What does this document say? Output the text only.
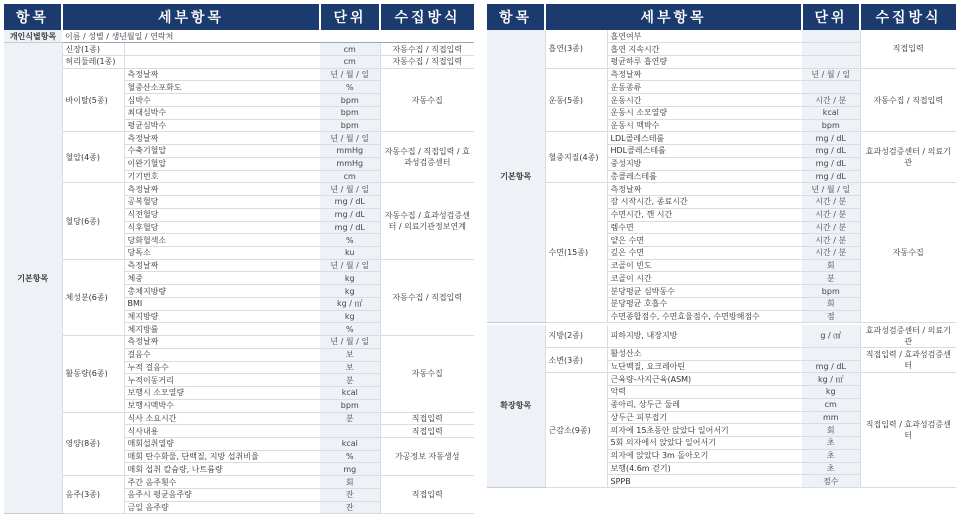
항목	세부항목		단위	수집방식
개인식별항목	이름 / 성별 / 생년월일 / 연락처			
기본항목	신장(1종)		cm	자동수집 / 직접입력
	허리둘레(1종)		cm	자동수집 / 직접입력
	바이탈(5종)	측정날짜	년 / 월 / 일	자동수집
		혈중산소포화도	%	
		심박수	bpm	
		최대심박수	bpm	
		평균심박수	bpm	
	혈압(4종)	측정날짜	년 / 월 / 일	자동수집 / 직접입력 / 효과성검증센터
		수축기혈압	mmHg	
		이완기혈압	mmHg	
		기기번호	cm	
	혈당(6종)	측정날짜	년 / 월 / 일	자동수집 / 효과성검증센터 / 의료기관정보연계
		공복혈당	mg / dL	
		식전혈당	mg / dL	
		식후혈당	mg / dL	
		당화혈색소	%	
		당독소	ku	
	체성분(6종)	측정날짜	년 / 월 / 일	자동수집 / 직접입력
		체중	kg	
		총체지방량	kg	
		BMI	kg / ㎡	
		체지방량	kg	
		체지방률	%	
	활동량(6종)	측정날짜	년 / 월 / 일	자동수집
		걸음수	보	
		누적 걸음수	보	
		누적이동거리	분	
		보행시 소모열량	kcal	
		보행시맥박수	bpm	
	영양(8종)	식사 소요시간	분	직접입력
		식사내용		직접입력
		매회섭취열량	kcal	가공정보 자동생성
		매회 탄수화물, 단백질, 지방 섭취비율	%	
		매회 섭취 칼슘량, 나트륨량	mg	
	음주(3종)	주간 음주횟수	회	직접입력
		음주시 평균음주량	잔	
		금일 음주량	잔	
항목	세부항목		단위	수집방식
기본항목	흡연(3종)	흡연여부		직접입력
		흡연 지속시간		
		평균하루 흡연량		
	운동(5종)	측정날짜	년 / 월 / 일	자동수집 / 직접입력
		운동종류		
		운동시간	시간 / 분	
		운동시 소모열량	kcal	
		운동시 맥박수	bpm	
	혈중지질(4종)	LDL콜레스테롤	mg / dL	효과성검증센터 / 의료기관
		HDL콜레스테롤	mg / dL	
		중성지방	mg / dL	
		총콜레스테롤	mg / dL	
	수면(15종)	측정날짜	년 / 월 / 일	자동수집
		잠 시작시간, 종료시간	시간 / 분	
		수면시간, 깬 시간	시간 / 분	
		렘수면	시간 / 분	
		얕은 수면	시간 / 분	
		깊은 수면	시간 / 분	
		코골이 빈도	회	
		코골이 시간	분	
		분당평균 심박동수	bpm	
		분당평균 호흡수	회	
		수면종합점수, 수면효율점수, 수면방해점수	점	

확장항목	지방(2종)	피하지방, 내장지방	g / ㎠	효과성검증센터 / 의료기관
	소변(3종)	활성산소		직접입력 / 효과성검증센터
		뇨단백질, 요크레아틴	mg / dL	
	근감소(9종)	근육량-사지근육(ASM)	kg / ㎡	직접입력 / 효과성검증센터
		악력	kg	
		종아리, 상두근 둘레	cm	
		상두근 피부접기	mm	
		의자에 15초동안 앉았다 일어서기	회	
		5회 의자에서 앉았다 일어서기	초	
		의자에 앉았다 3m 돌아오기	초	
		보행(4.6m 걷기)	초	
		SPPB	점수	
